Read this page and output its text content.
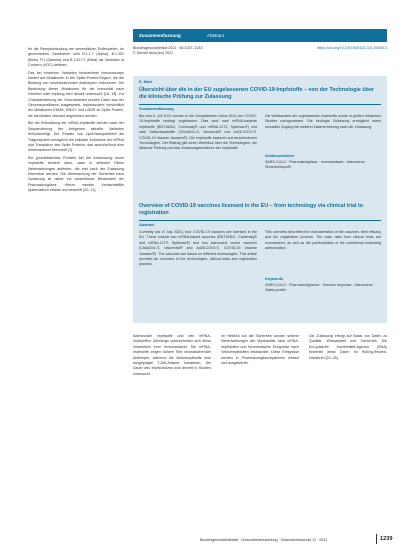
für die Rezeptorbindung am wesentlichen Rollespielen. Im genomischen Geschehen sind B.1.1.7 (Alpha), B.1.351 (Beta), P.1 (Gamma) und B.1.617.2 (Delta) als Varianten of Concern (VOC) definiert.

Das bei einzelnen Varianten beobachtete Immunescape basiert auf Mutationen in der Spike-Protein-Region, die die Bindung von neutralisierenden Antikörpern reduzieren. Die Bedeutung dieser Mutationen für die Immunität nach Infektion oder Impfung wird aktuell untersucht [18, 19]. Zur Charakterisierung der Virusvarianten wurden Daten aus der Genomsurveillance ausgewertet, insbesondere hinsichtlich der Mutationen E484K, N501Y und L452R im Spike-Protein, die als klinisch relevant angesehen werden.

Bei der Entwicklung der mRNA-Impfstoffe werden nach der Sequenzierung der Antigenen aktuelle Varianten berücksichtigt. Der Einsatz von Lipid-Nanopartikeln als Trägersystem ermöglicht die zelluläre Aufnahme der mRNA und Translation des Spike-Proteins, das anschließend eine Immunantwort hervorruft [1].

Ein grundsätzliches Problem bei der Anwendung neuer Impfstoffe besteht darin, dass in seltenen Fällen Nebenwirkungen auftreten, die erst nach der Zulassung erkennbar werden. Die Überwachung der Sicherheit nach Zulassung ist daher ein wesentlicher Bestandteil der Pharmakovigilanz. Hierzu werden Verdachtsfälle systematisch erfasst und bewertet [20, 21].

Zusammenfassung	Abstract
Bundesgesundheitsbl 2021 · 64:1237–1243
© Der/die Autor(en) 2021
https://doi.org/10.1007/s00103-021-04406-4
E. Mich
Übersicht über die in der EU zugelassenen COVID-19-Impfstoffe – von der Technologie über die klinische Prüfung zur Zulassung
Zusammenfassung
Bis zum 6. Juli 2021 wurden in der Europäischen Union (EU) vier COVID-19-Impfstoffe bedingt zugelassen. Dies sind zwei mRNA-basierte Impfstoffe (BNT162b2, Comirnaty® und mRNA-1273, Spikevax®) und zwei Vektorimpfstoffe (ChAdOx1-S, Vaxzevria® und Ad26.COV2.S, COVID-19 Vaccine Janssen®). Die Impfstoffe basieren auf verschiedenen Technologien. Der Beitrag gibt einen Überblick über die Technologien, die klinische Prüfung und das Zulassungsverfahren der Impfstoffe.
Die Wirksamkeit der zugelassenen Impfstoffe wurde in großen klinischen Studien nachgewiesen. Die bedingte Zulassung ermöglicht einen schnellen Zugang bei weiterer Datenerhebung nach der Zulassung.
Schlüsselwörter
SARS-CoV-2 · Pharmakovigilanz · Immunantwort · Adenovirus · Sicherheitsprofil
Overview of COVID-19 vaccines licensed in the EU – from technology via clinical trial to registration
Abstract
Currently (as of July 2021), four COVID-19 vaccines are licensed in the EU. These include two mRNA-based vaccines (BNT162b2, Comirnaty® and mRNA-1273, Spikevax®) and two adenoviral vector vaccines (ChAdOx1-S, Vaxzevria® and Ad26.COV2.S, COVID-19 Vaccine Janssen®). The vaccines are based on different technologies. This article provides an overview of the technologies, clinical trials and registration process.
This overview describes the characteristics of the vaccines, their efficacy and the registration process. The main data from clinical trials are summarized, as well as the particularities of the conditional marketing authorization.
Keywords
SARS-CoV-2 · Pharmacovigilance · Immune response · Adenovirus · Safety profile
Adenovirale Impfstoffe und den mRNA-Impfstoffen. Allerdings unterscheiden sich diese hinsichtlich ihrer Immunantwort. Die mRNA-Impfstoffe zeigen höhere Titer neutralisierender Antikörper, während die Vektorimpfstoffe eine ausgeprägte T-Zell-Antwort induzieren. Die Dauer des Impfschutzes wird derzeit in Studien untersucht.
Im Hinblick auf die Sicherheit wurden seltene Nebenwirkungen wie Myokarditis nach mRNA-Impfstoffen und thrombotische Ereignisse nach Vektorimpfstoffen beobachtet. Diese Ereignisse werden in Pharmakovigilanzsystemen erfasst und ausgewertet.
Die Zulassung erfolgt auf Basis von Daten zu Qualität, Wirksamkeit und Sicherheit. Die Europäische Arzneimittel-Agentur (EMA) bewertet diese Daten im Rolling-Review-Verfahren [22–25].
Bundesgesundheitsblatt · Gesundheitsforschung · Gesundheitsschutz 11 · 2021	1239
